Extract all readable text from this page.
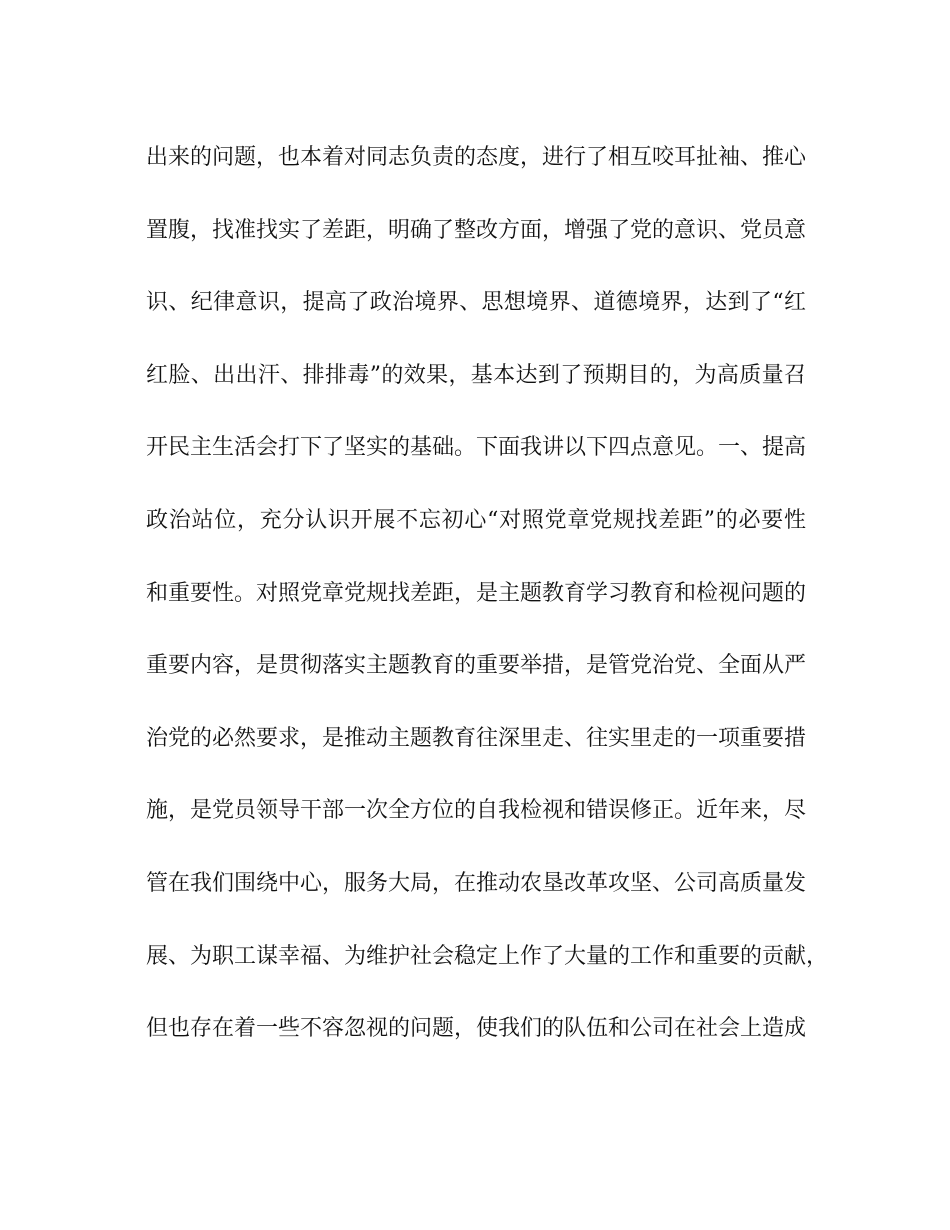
出来的问题，也本着对同志负责的态度，进行了相互咬耳扯袖、推心
置腹，找准找实了差距，明确了整改方面，增强了党的意识、党员意
识、纪律意识，提高了政治境界、思想境界、道德境界，达到了“红
红脸、出出汗、排排毒”的效果，基本达到了预期目的，为高质量召
开民主生活会打下了坚实的基础。下面我讲以下四点意见。一、提高
政治站位，充分认识开展不忘初心“对照党章党规找差距”的必要性
和重要性。对照党章党规找差距，是主题教育学习教育和检视问题的
重要内容，是贯彻落实主题教育的重要举措，是管党治党、全面从严
治党的必然要求，是推动主题教育往深里走、往实里走的一项重要措
施，是党员领导干部一次全方位的自我检视和错误修正。近年来，尽
管在我们围绕中心，服务大局，在推动农垦改革攻坚、公司高质量发
展、为职工谋幸福、为维护社会稳定上作了大量的工作和重要的贡献，
但也存在着一些不容忽视的问题，使我们的队伍和公司在社会上造成
